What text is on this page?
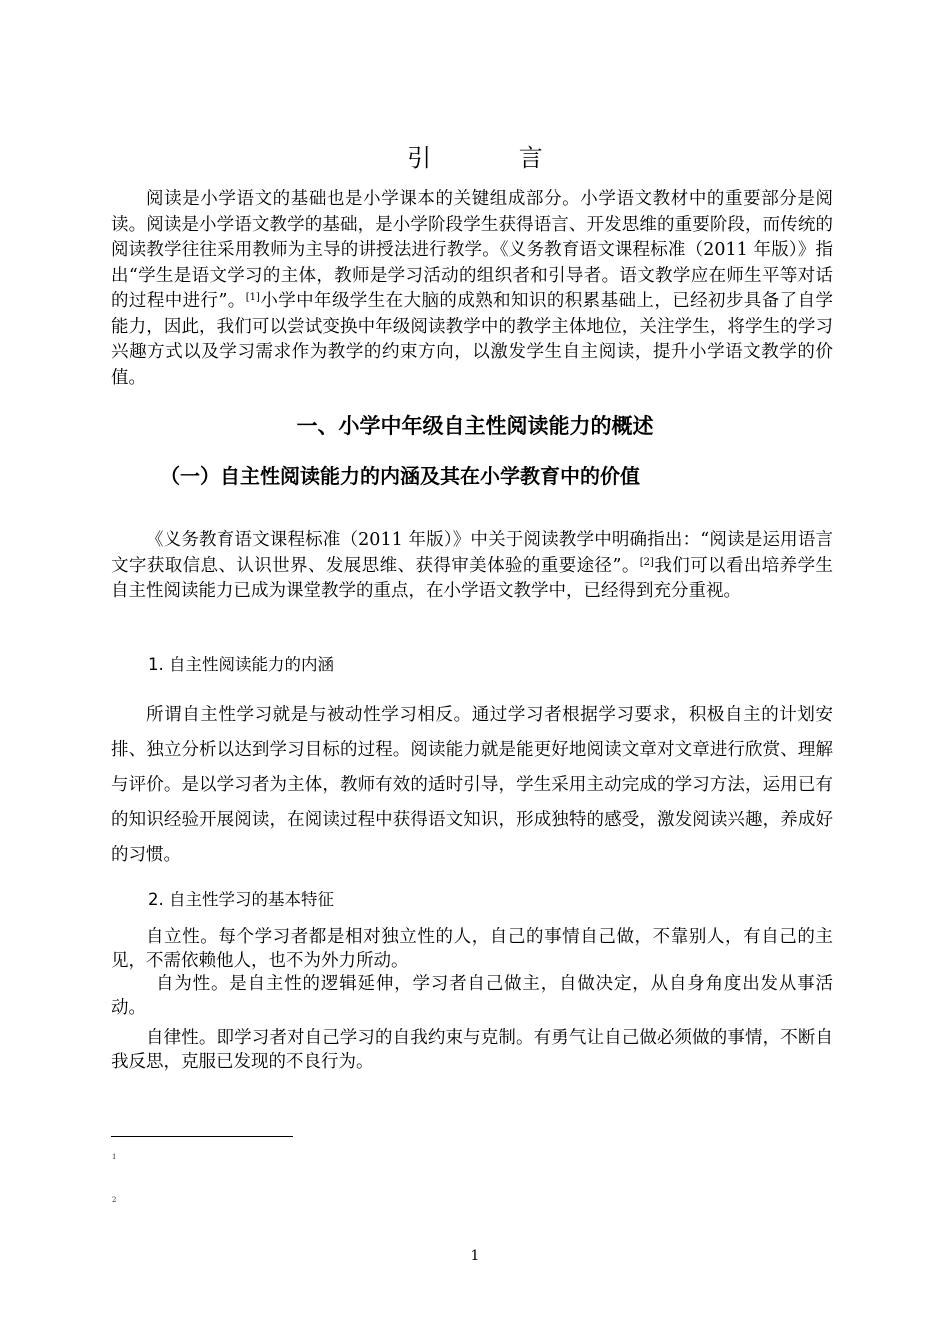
引 言

阅读是小学语文的基础也是小学课本的关键组成部分。小学语文教材中的重要部分是阅读。阅读是小学语文教学的基础，是小学阶段学生获得语言、开发思维的重要阶段，而传统的阅读教学往往采用教师为主导的讲授法进行教学。《义务教育语文课程标准（2011 年版）》指出“学生是语文学习的主体，教师是学习活动的组织者和引导者。语文教学应在师生平等对话的过程中进行”。[1]小学中年级学生在大脑的成熟和知识的积累基础上，已经初步具备了自学能力，因此，我们可以尝试变换中年级阅读教学中的教学主体地位，关注学生，将学生的学习兴趣方式以及学习需求作为教学的约束方向，以激发学生自主阅读，提升小学语文教学的价值。

一、小学中年级自主性阅读能力的概述
（一）自主性阅读能力的内涵及其在小学教育中的价值

《义务教育语文课程标准（2011 年版）》中关于阅读教学中明确指出：“阅读是运用语言文字获取信息、认识世界、发展思维、获得审美体验的重要途径”。[2]我们可以看出培养学生自主性阅读能力已成为课堂教学的重点，在小学语文教学中，已经得到充分重视。

1. 自主性阅读能力的内涵

所谓自主性学习就是与被动性学习相反。通过学习者根据学习要求，积极自主的计划安排、独立分析以达到学习目标的过程。阅读能力就是能更好地阅读文章对文章进行欣赏、理解与评价。是以学习者为主体，教师有效的适时引导，学生采用主动完成的学习方法，运用已有的知识经验开展阅读，在阅读过程中获得语文知识，形成独特的感受，激发阅读兴趣，养成好的习惯。

2. 自主性学习的基本特征

自立性。每个学习者都是相对独立性的人，自己的事情自己做，不靠别人，有自己的主见，不需依赖他人，也不为外力所动。

自为性。是自主性的逻辑延伸，学习者自己做主，自做决定，从自身角度出发从事活动。

自律性。即学习者对自己学习的自我约束与克制。有勇气让自己做必须做的事情，不断自我反思，克服已发现的不良行为。

1
2
1
